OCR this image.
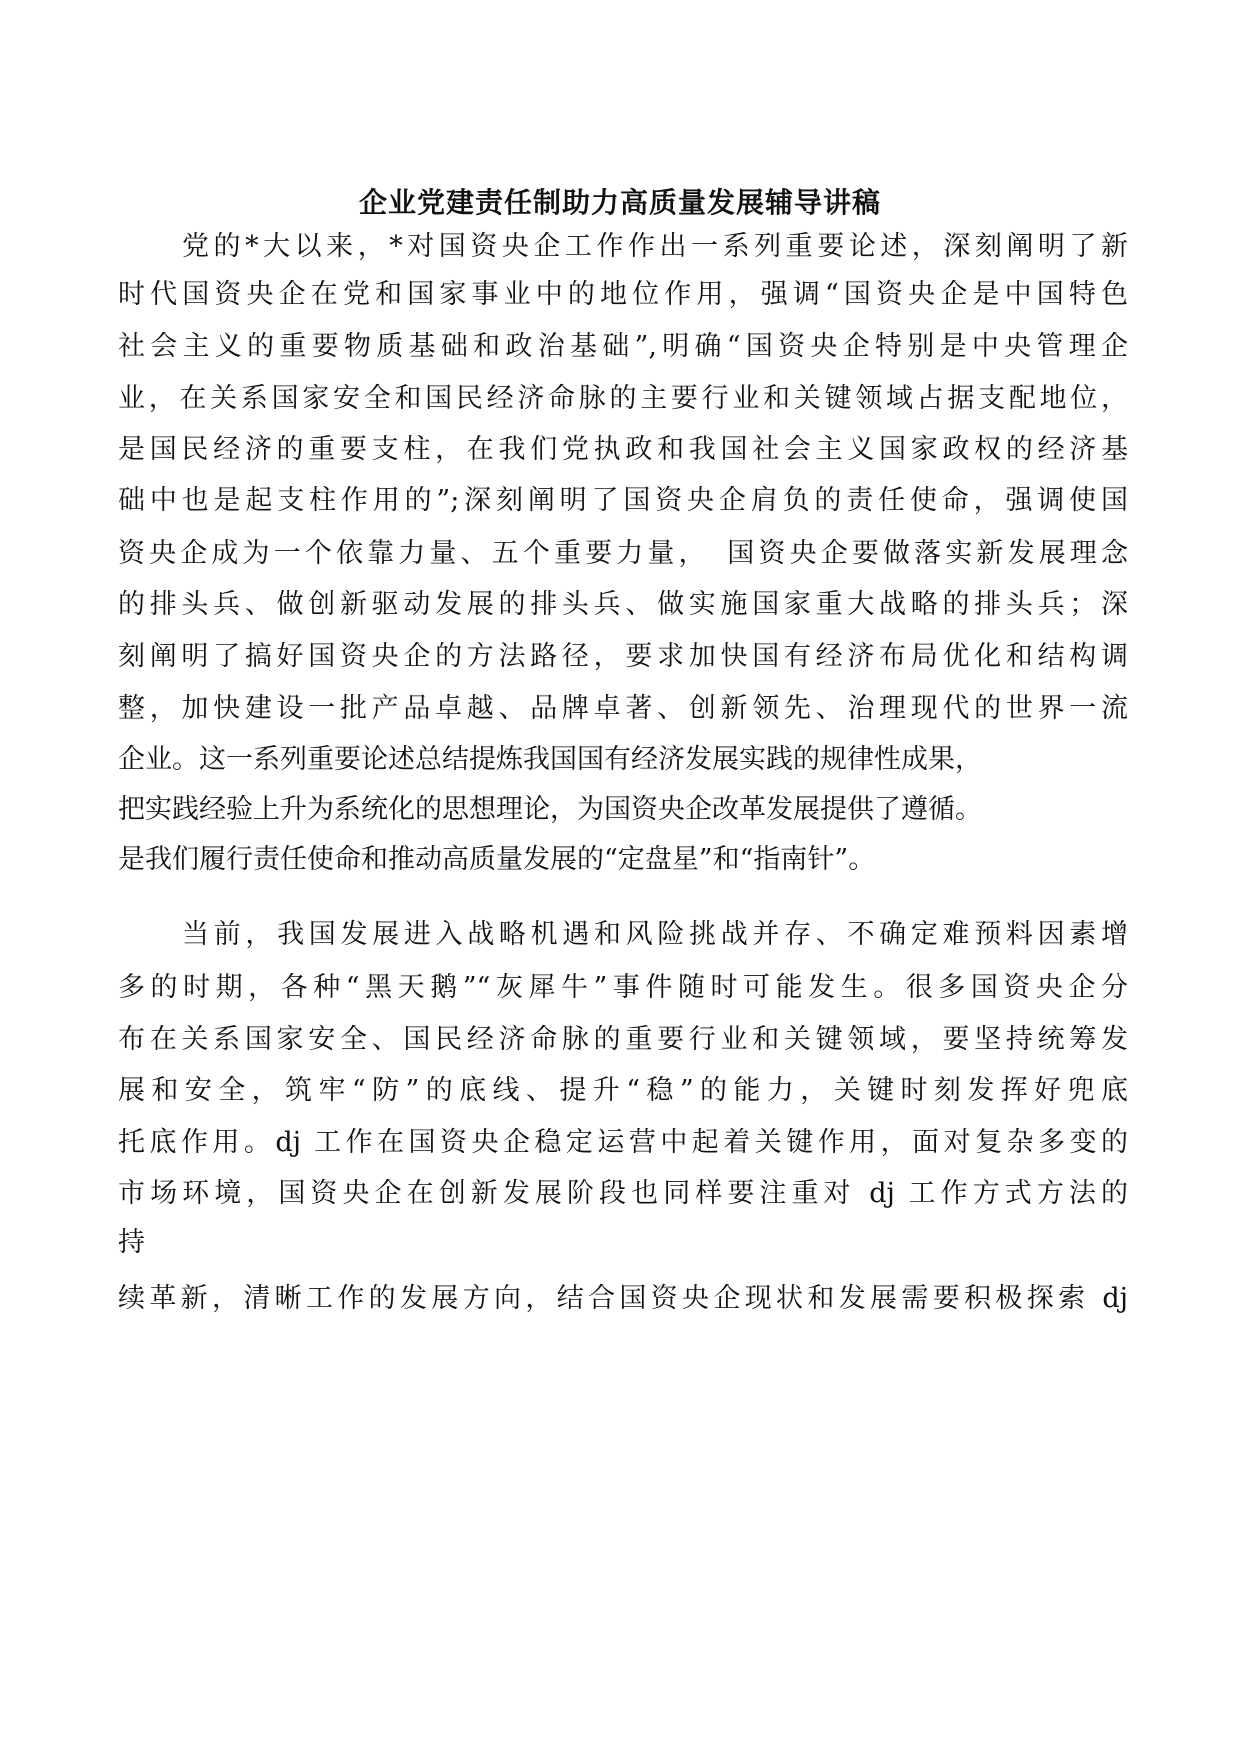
企业党建责任制助力高质量发展辅导讲稿

党的*大以来，*对国资央企工作作出一系列重要论述，深刻阐明了新

时代国资央企在党和国家事业中的地位作用，强调“国资央企是中国特色

社会主义的重要物质基础和政治基础”,明确“国资央企特别是中央管理企

业，在关系国家安全和国民经济命脉的主要行业和关键领域占据支配地位，

是国民经济的重要支柱，在我们党执政和我国社会主义国家政权的经济基

础中也是起支柱作用的”;深刻阐明了国资央企肩负的责任使命，强调使国

资央企成为一个依靠力量、五个重要力量，　国资央企要做落实新发展理念

的排头兵、做创新驱动发展的排头兵、做实施国家重大战略的排头兵；深

刻阐明了搞好国资央企的方法路径，要求加快国有经济布局优化和结构调

整，加快建设一批产品卓越、品牌卓著、创新领先、治理现代的世界一流

企业。这一系列重要论述总结提炼我国国有经济发展实践的规律性成果，

把实践经验上升为系统化的思想理论，为国资央企改革发展提供了遵循。

是我们履行责任使命和推动高质量发展的“定盘星”和“指南针”。

当前，我国发展进入战略机遇和风险挑战并存、不确定难预料因素增

多的时期，各种“黑天鹅”“灰犀牛”事件随时可能发生。很多国资央企分

布在关系国家安全、国民经济命脉的重要行业和关键领域，要坚持统筹发

展和安全，筑牢“防”的底线、提升“稳”的能力，关键时刻发挥好兜底

托底作用。dj 工作在国资央企稳定运营中起着关键作用，面对复杂多变的

市场环境，国资央企在创新发展阶段也同样要注重对 dj 工作方式方法的

持

续革新，清晰工作的发展方向，结合国资央企现状和发展需要积极探索 dj
